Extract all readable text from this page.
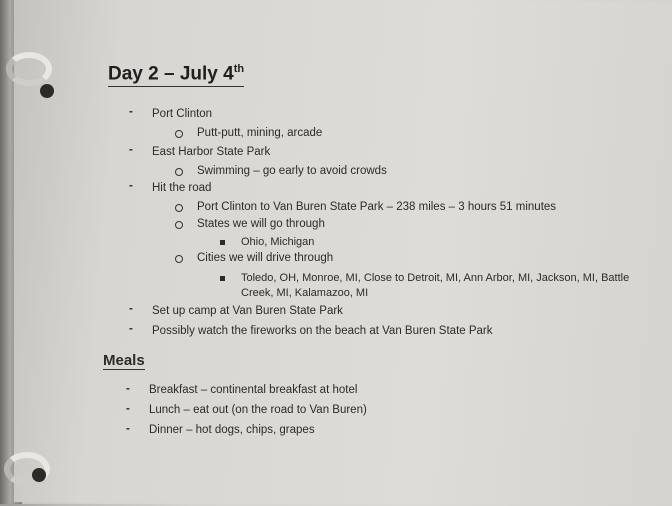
Day 2 – July 4th
- Port Clinton
Putt-putt, mining, arcade
- East Harbor State Park
Swimming – go early to avoid crowds
- Hit the road
Port Clinton to Van Buren State Park – 238 miles – 3 hours 51 minutes
States we will go through
Ohio, Michigan
Cities we will drive through
Toledo, OH, Monroe, MI, Close to Detroit, MI, Ann Arbor, MI, Jackson, MI, Battle
Creek, MI, Kalamazoo, MI
- Set up camp at Van Buren State Park
- Possibly watch the fireworks on the beach at Van Buren State Park
Meals
- Breakfast – continental breakfast at hotel
- Lunch – eat out (on the road to Van Buren)
- Dinner – hot dogs, chips, grapes
